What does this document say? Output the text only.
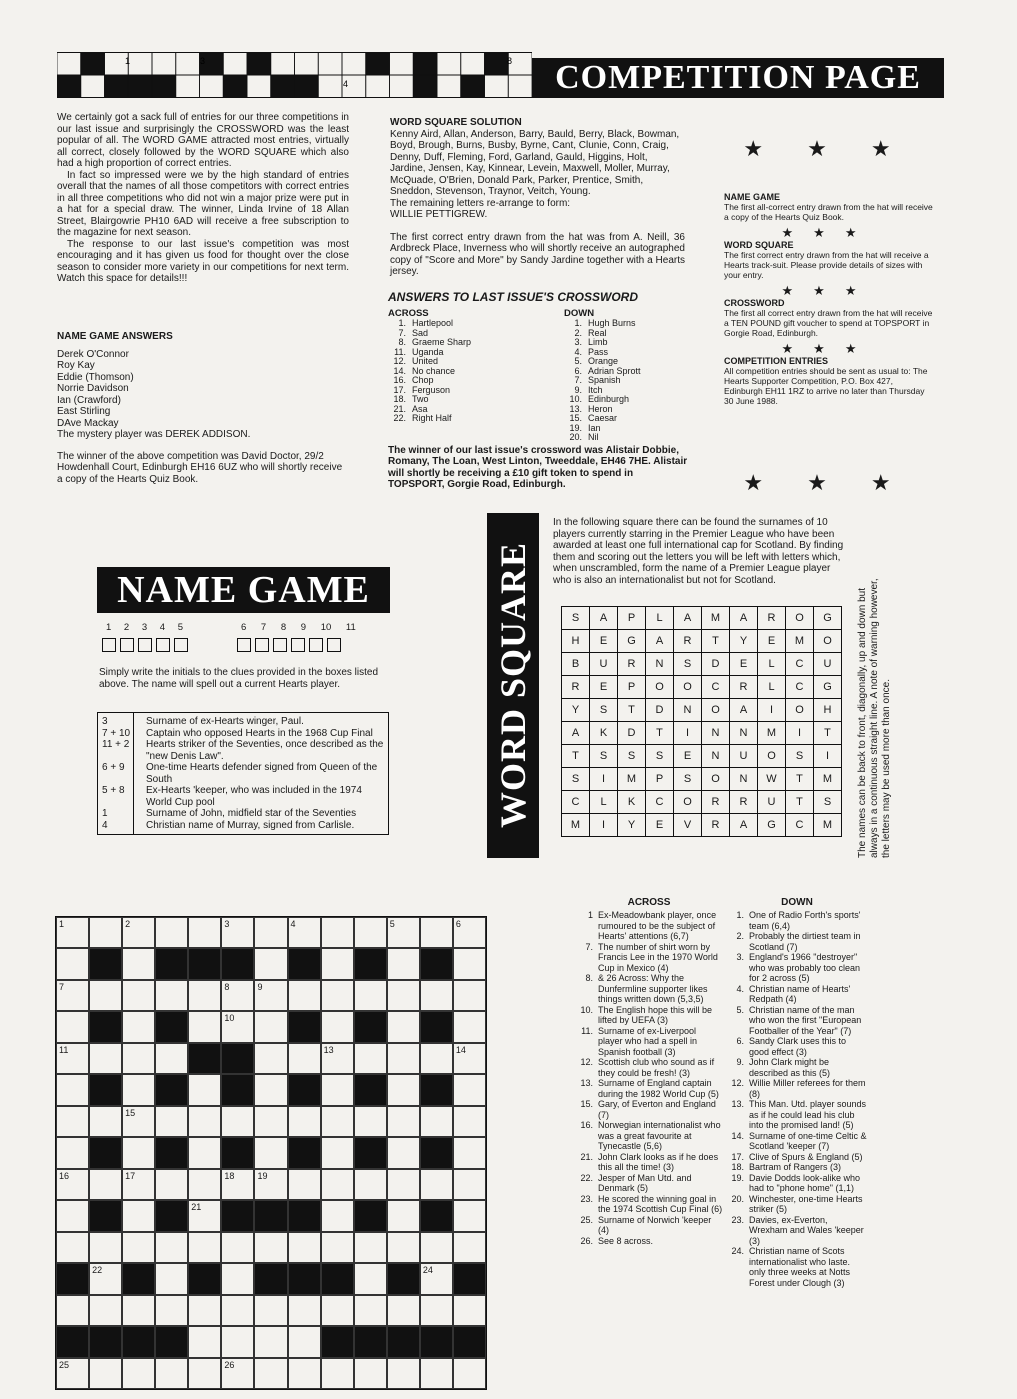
1	3
4
8	COMPETITION PAGE

We certainly got a sack full of entries for our three competitions in our last issue and surprisingly the CROSSWORD was the least popular of all. The WORD GAME attracted most entries, virtually all correct, closely followed by the WORD SQUARE which also had a high proportion of correct entries.

In fact so impressed were we by the high standard of entries overall that the names of all those competitors with correct entries in all three competitions who did not win a major prize were put in a hat for a special draw. The winner, Linda Irvine of 18 Allan Street, Blairgowrie PH10 6AD will receive a free subscription to the magazine for next season.

The response to our last issue's competition was most encouraging and it has given us food for thought over the close season to consider more variety in our competitions for next term. Watch this space for details!!!

NAME GAME ANSWERS
Derek O'Connor
Roy Kay
Eddie (Thomson)
Norrie Davidson
Ian (Crawford)
East Stirling
DAve Mackay

The mystery player was DEREK ADDISON.

The winner of the above competition was David Doctor, 29/2 Howdenhall Court, Edinburgh EH16 6UZ who will shortly receive a copy of the Hearts Quiz Book.

WORD SQUARE SOLUTION

Kenny Aird, Allan, Anderson, Barry, Bauld, Berry, Black, Bowman, Boyd, Brough, Burns, Busby, Byrne, Cant, Clunie, Conn, Craig, Denny, Duff, Fleming, Ford, Garland, Gauld, Higgins, Holt, Jardine, Jensen, Kay, Kinnear, Levein, Maxwell, Moller, Murray, McQuade, O'Brien, Donald Park, Parker, Prentice, Smith, Sneddon, Stevenson, Traynor, Veitch, Young.

The remaining letters re-arrange to form:

WILLIE PETTIGREW.

The first correct entry drawn from the hat was from A. Neill, 36 Ardbreck Place, Inverness who will shortly receive an autographed copy of "Score and More" by Sandy Jardine together with a Hearts jersey.

ANSWERS TO LAST ISSUE'S CROSSWORD
ACROSS
1. Hartlepool
7. Sad
8. Graeme Sharp
11. Uganda
12. United
14. No chance
16. Chop
17. Ferguson
18. Two
21. Asa
22. Right Half
DOWN
1. Hugh Burns
2. Real
3. Limb
4. Pass
5. Orange
6. Adrian Sprott
7. Spanish
9. Itch
10. Edinburgh
13. Heron
15. Caesar
19. Ian
20. Nil

The winner of our last issue's crossword was Alistair Dobbie, Romany, The Loan, West Linton, Tweeddale, EH46 7HE. Alistair will shortly be receiving a £10 gift token to spend in TOPSPORT, Gorgie Road, Edinburgh.

★★★
NAME GAME

The first all-correct entry drawn from the hat will receive a copy of the Hearts Quiz Book.

★★★
WORD SQUARE

The first correct entry drawn from the hat will receive a Hearts track-suit. Please provide details of sizes with your entry.

★★★
CROSSWORD

The first all correct entry drawn from the hat will receive a TEN POUND gift voucher to spend at TOPSPORT in Gorgie Road, Edinburgh.

★★★
COMPETITION ENTRIES

All competition entries should be sent as usual to: The Hearts Supporter Competition, P.O. Box 427, Edinburgh EH11 1RZ to arrive no later than Thursday 30 June 1988.

★★★
NAME GAME
1 2 3 4 5	6 7 8 9 10 11

Simply write the initials to the clues provided in the boxes listed above. The name will spell out a current Hearts player.

3	Surname of ex-Hearts winger, Paul.
7 + 10	Captain who opposed Hearts in the 1968 Cup Final
11 + 2	Hearts striker of the Seventies, once described as the "new Denis Law".
6 + 9	One-time Hearts defender signed from Queen of the South
5 + 8	Ex-Hearts 'keeper, who was included in the 1974 World Cup pool
1	Surname of John, midfield star of the Seventies
4	Christian name of Murray, signed from Carlisle.	WORD SQUARE

In the following square there can be found the surnames of 10 players currently starring in the Premier League who have been awarded at least one full international cap for Scotland. By finding them and scoring out the letters you will be left with letters which, when unscrambled, form the name of a Premier League player who is also an internationalist but not for Scotland.

S	A	P	L	A	M	A	R	O	G
H	E	G	A	R	T	Y	E	M	O
B	U	R	N	S	D	E	L	C	U
R	E	P	O	O	C	R	L	C	G
Y	S	T	D	N	O	A	I	O	H
A	K	D	T	I	N	N	M	I	T
T	S	S	S	E	N	U	O	S	I
S	I	M	P	S	O	N	W	T	M
C	L	K	C	O	R	R	U	T	S
M	I	Y	E	V	R	A	G	C	M The names can be back to front, diagonally, up and down but always in a continuous straight line. A note of warning however, the letters may be used more than once.
1	2	3	4	5	6
7	8	9
10
11	13	14
15
16	17	18	19
21
22	24
25	26
ACROSS
1 Ex-Meadowbank player, once rumoured to be the subject of Hearts' attentions (6,7)
7. The number of shirt worn by Francis Lee in the 1970 World Cup in Mexico (4)
8. & 26 Across: Why the Dunfermline supporter likes things written down (5,3,5)
10. The English hope this will be lifted by UEFA (3)
11. Surname of ex-Liverpool player who had a spell in Spanish football (3)
12. Scottish club who sound as if they could be fresh! (3)
13. Surname of England captain during the 1982 World Cup (5)
15. Gary, of Everton and England (7)
16. Norwegian internationalist who was a great favourite at Tynecastle (5,6)
21. John Clark looks as if he does this all the time! (3)
22. Jesper of Man Utd. and Denmark (5)
23. He scored the winning goal in the 1974 Scottish Cup Final (6)
25. Surname of Norwich 'keeper (4)
26. See 8 across.
DOWN
1. One of Radio Forth's sports' team (6,4)
2. Probably the dirtiest team in Scotland (7)
3. England's 1966 "destroyer" who was probably too clean for 2 across (5)
4. Christian name of Hearts' Redpath (4)
5. Christian name of the man who won the first "European Footballer of the Year" (7)
6. Sandy Clark uses this to good effect (3)
9. John Clark might be described as this (5)
12. Willie Miller referees for them (8)
13. This Man. Utd. player sounds as if he could lead his club into the promised land! (5)
14. Surname of one-time Celtic & Scotland 'keeper (7)
17. Clive of Spurs & England (5)
18. Bartram of Rangers (3)
19. Davie Dodds look-alike who had to "phone home" (1,1)
20. Winchester, one-time Hearts striker (5)
23. Davies, ex-Everton, Wrexham and Wales 'keeper (3)
24. Christian name of Scots internationalist who laste. only three weeks at Notts Forest under Clough (3)
